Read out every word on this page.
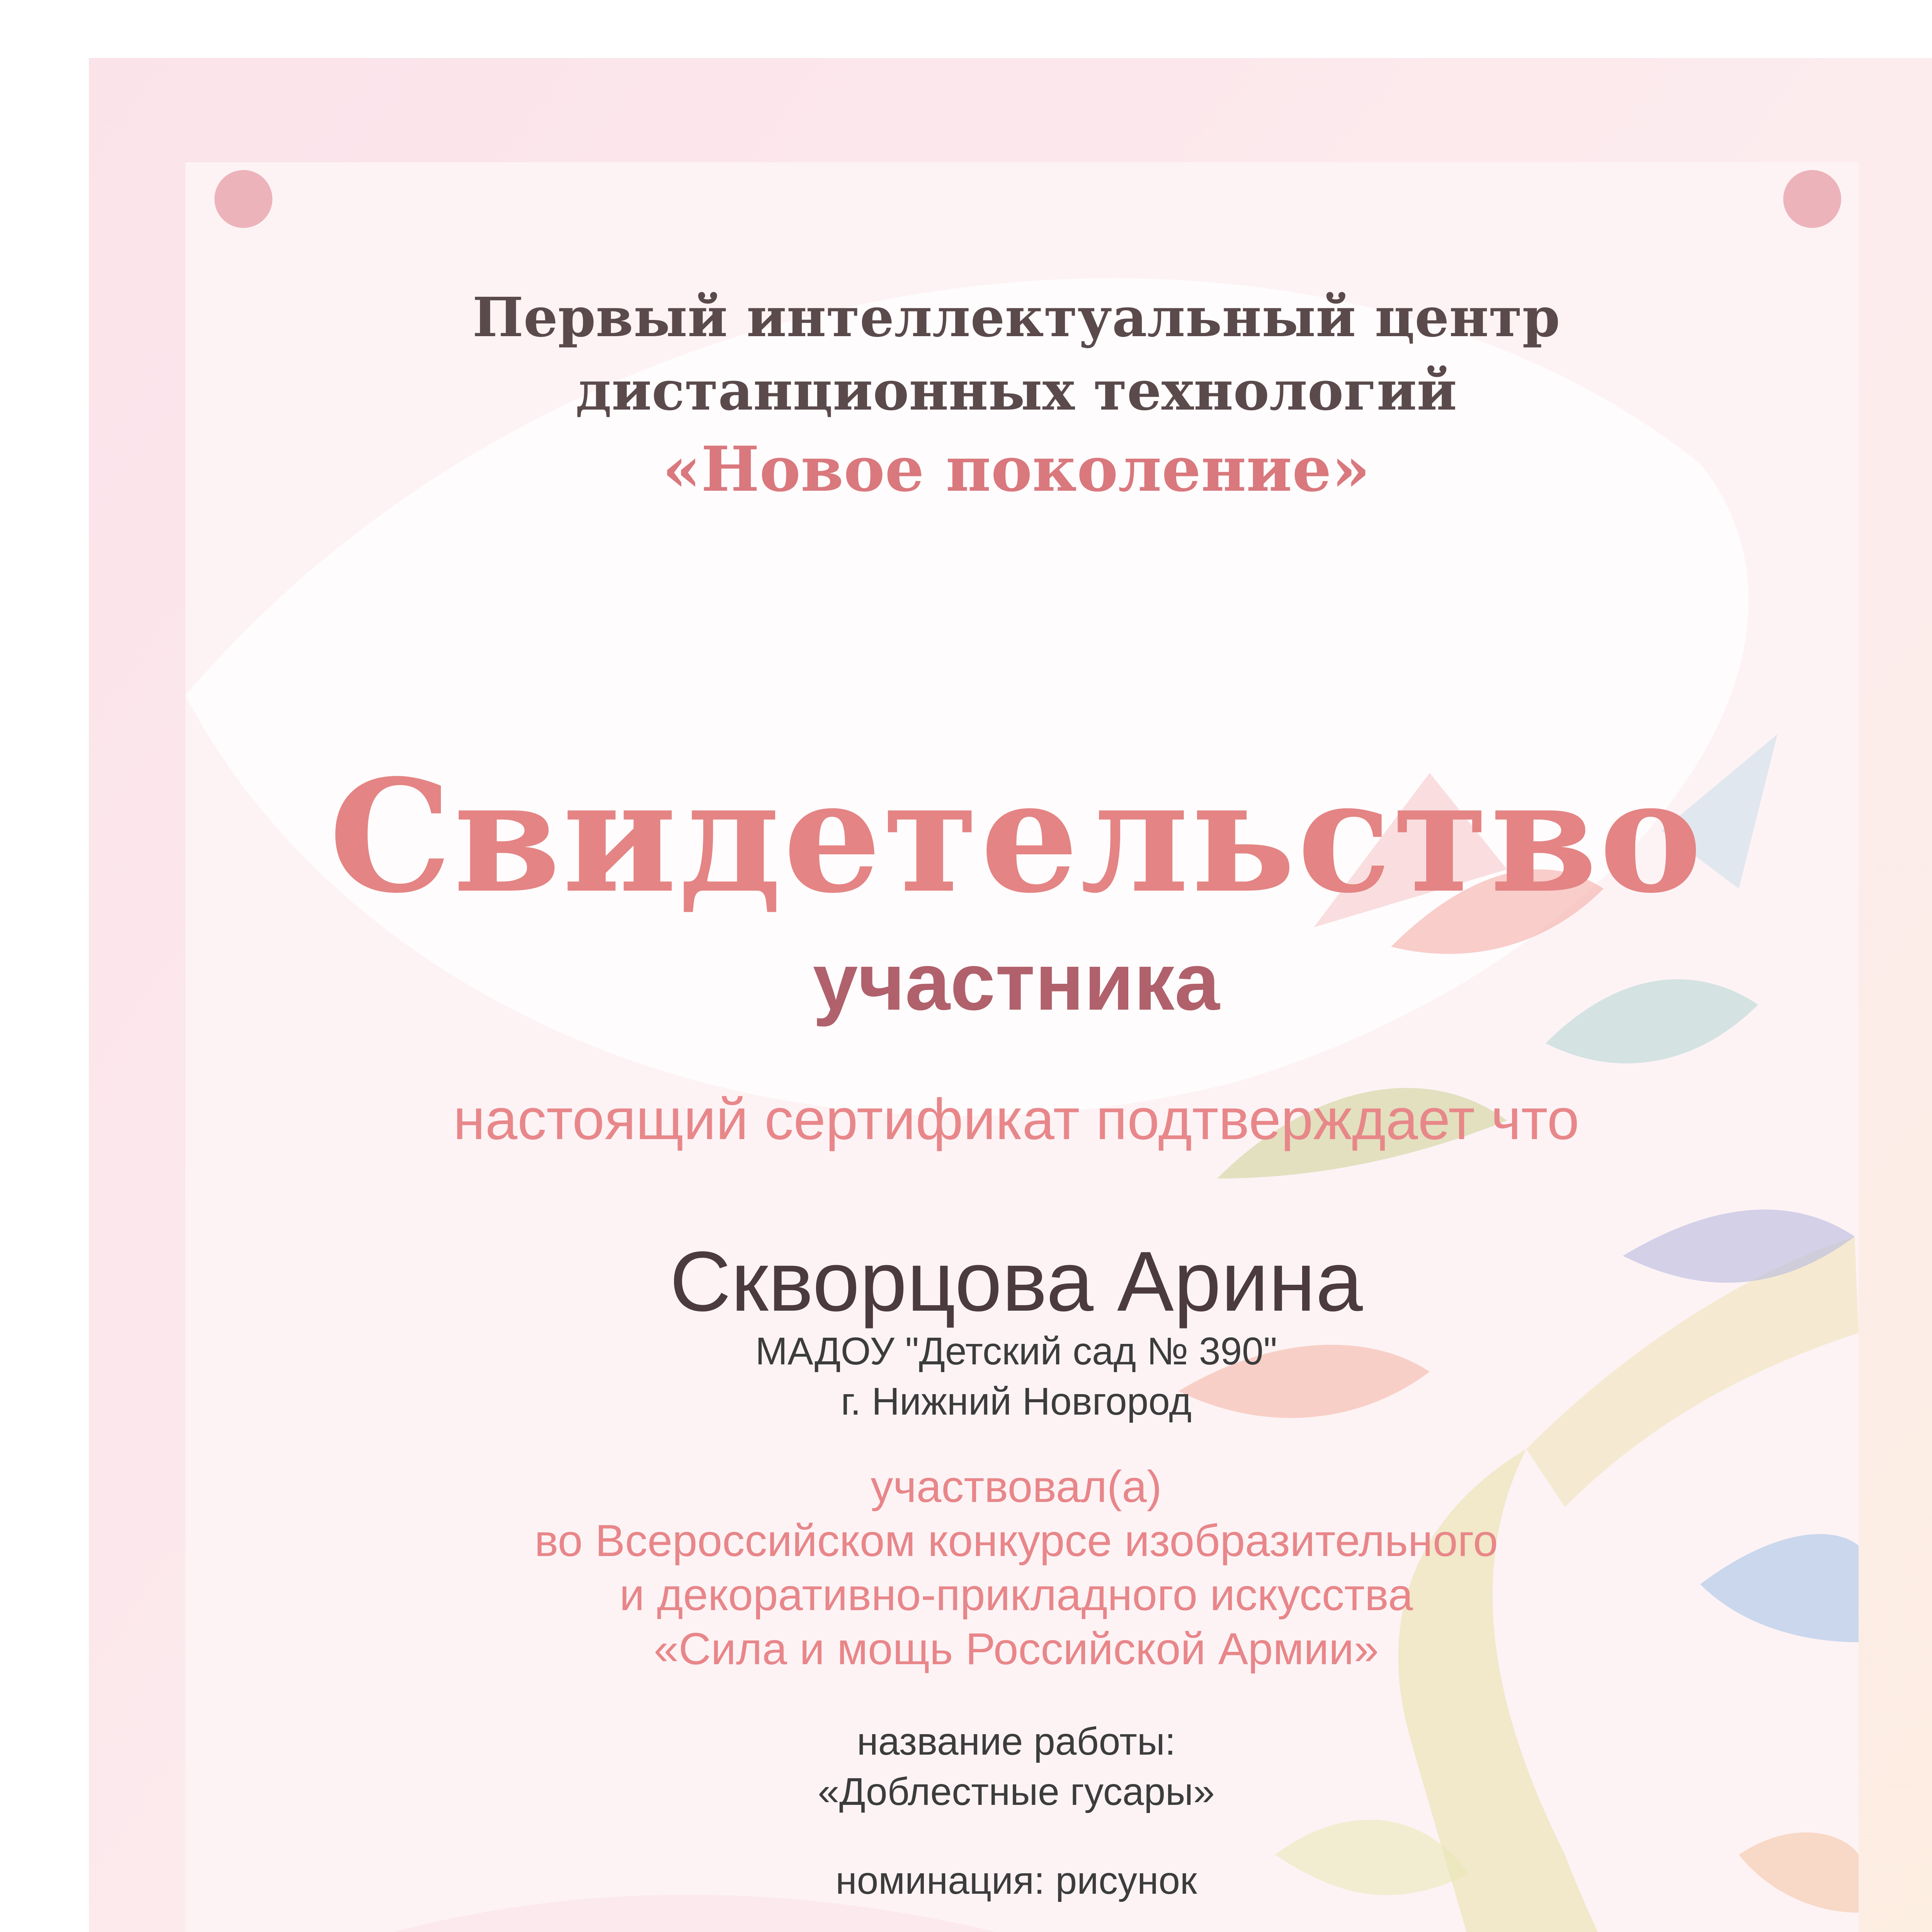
Первый интеллектуальный центр

дистанционных технологий

«Новое поколение»

Свидетельство

участника

настоящий сертификат подтверждает что

Скворцова Арина

МАДОУ "Детский сад № 390"

г. Нижний Новгород

участвовал(а)

во Всероссийском конкурсе изобразительного

и декоративно-прикладного искусства

«Сила и мощь Российской Армии»

название работы:

«Доблестные гусары»

номинация: рисунок
